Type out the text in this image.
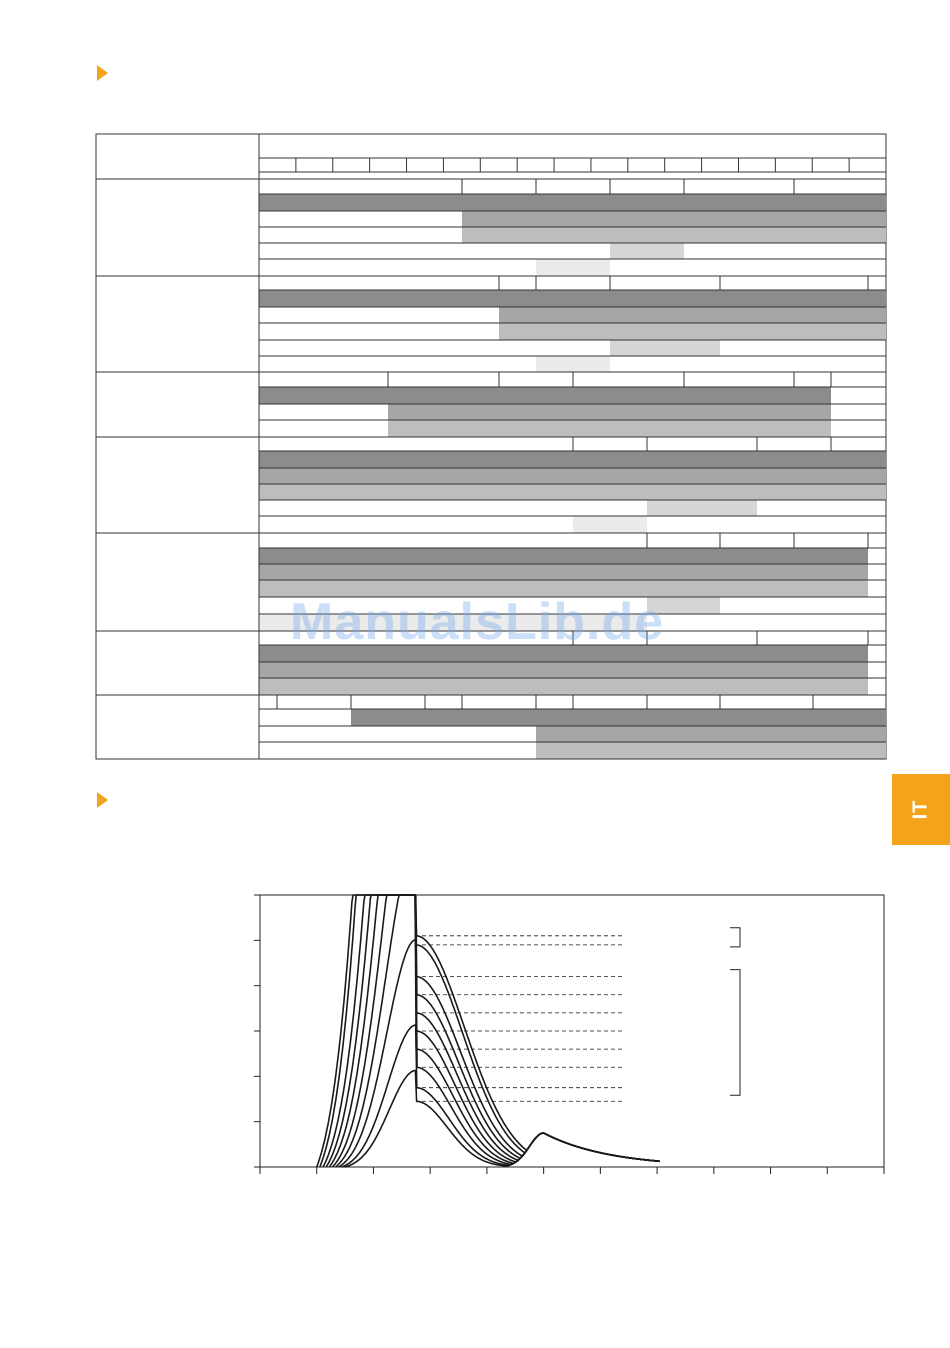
IT
ManualsLib.de
